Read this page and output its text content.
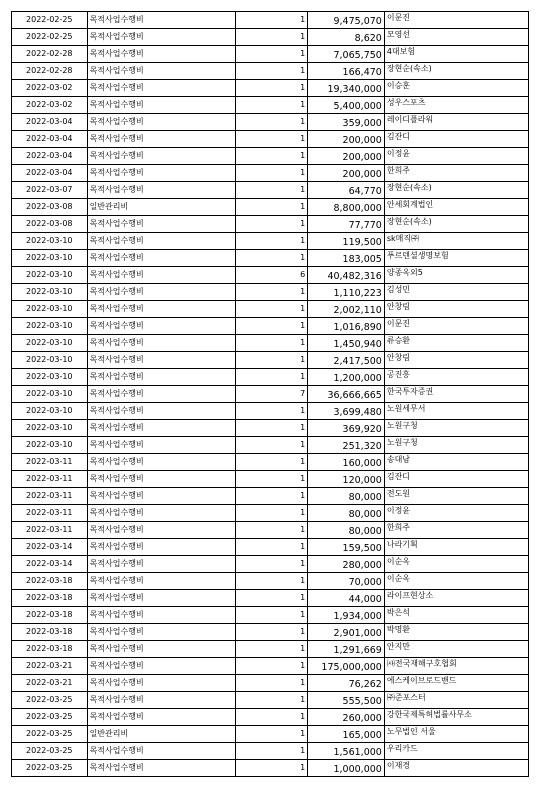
2022-02-25	목적사업수행비	1	9,475,070	이문진
2022-02-25	목적사업수행비	1	8,620	모영선
2022-02-28	목적사업수행비	1	7,065,750	4대보험
2022-02-28	목적사업수행비	1	166,470	장현순(속소)
2022-03-02	목적사업수행비	1	19,340,000	이승훈
2022-03-02	목적사업수행비	1	5,400,000	성우스포츠
2022-03-04	목적사업수행비	1	359,000	레이디플라워
2022-03-04	목적사업수행비	1	200,000	김잔디
2022-03-04	목적사업수행비	1	200,000	이정윤
2022-03-04	목적사업수행비	1	200,000	한희주
2022-03-07	목적사업수행비	1	64,770	장현순(속소)
2022-03-08	일반관리비	1	8,800,000	안세회계법인
2022-03-08	목적사업수행비	1	77,770	장현순(속소)
2022-03-10	목적사업수행비	1	119,500	sk매직㈜
2022-03-10	목적사업수행비	1	183,005	푸르덴셜생명보험
2022-03-10	목적사업수행비	6	40,482,316	양종옥외5
2022-03-10	목적사업수행비	1	1,110,223	김성민
2022-03-10	목적사업수행비	1	2,002,110	안창림
2022-03-10	목적사업수행비	1	1,016,890	이문진
2022-03-10	목적사업수행비	1	1,450,940	류승환
2022-03-10	목적사업수행비	1	2,417,500	안창림
2022-03-10	목적사업수행비	1	1,200,000	공진흥
2022-03-10	목적사업수행비	7	36,666,665	한국투자증권
2022-03-10	목적사업수행비	1	3,699,480	노원세무서
2022-03-10	목적사업수행비	1	369,920	노원구청
2022-03-10	목적사업수행비	1	251,320	노원구청
2022-03-11	목적사업수행비	1	160,000	송대남
2022-03-11	목적사업수행비	1	120,000	김잔디
2022-03-11	목적사업수행비	1	80,000	전도원
2022-03-11	목적사업수행비	1	80,000	이정윤
2022-03-11	목적사업수행비	1	80,000	한희주
2022-03-14	목적사업수행비	1	159,500	나라기획
2022-03-14	목적사업수행비	1	280,000	이순옥
2022-03-18	목적사업수행비	1	70,000	이순옥
2022-03-18	목적사업수행비	1	44,000	라이프현상소
2022-03-18	목적사업수행비	1	1,934,000	박은석
2022-03-18	목적사업수행비	1	2,901,000	박명환
2022-03-18	목적사업수행비	1	1,291,669	안지만
2022-03-21	목적사업수행비	1	175,000,000	㈔전국재해구호협회
2022-03-21	목적사업수행비	1	76,262	에스케이브로드밴드
2022-03-25	목적사업수행비	1	555,500	㈜준포스터
2022-03-25	목적사업수행비	1	260,000	강한국제특허법률사무소
2022-03-25	일반관리비	1	165,000	노무법인 서울
2022-03-25	목적사업수행비	1	1,561,000	우리카드
2022-03-25	목적사업수행비	1	1,000,000	이재경
